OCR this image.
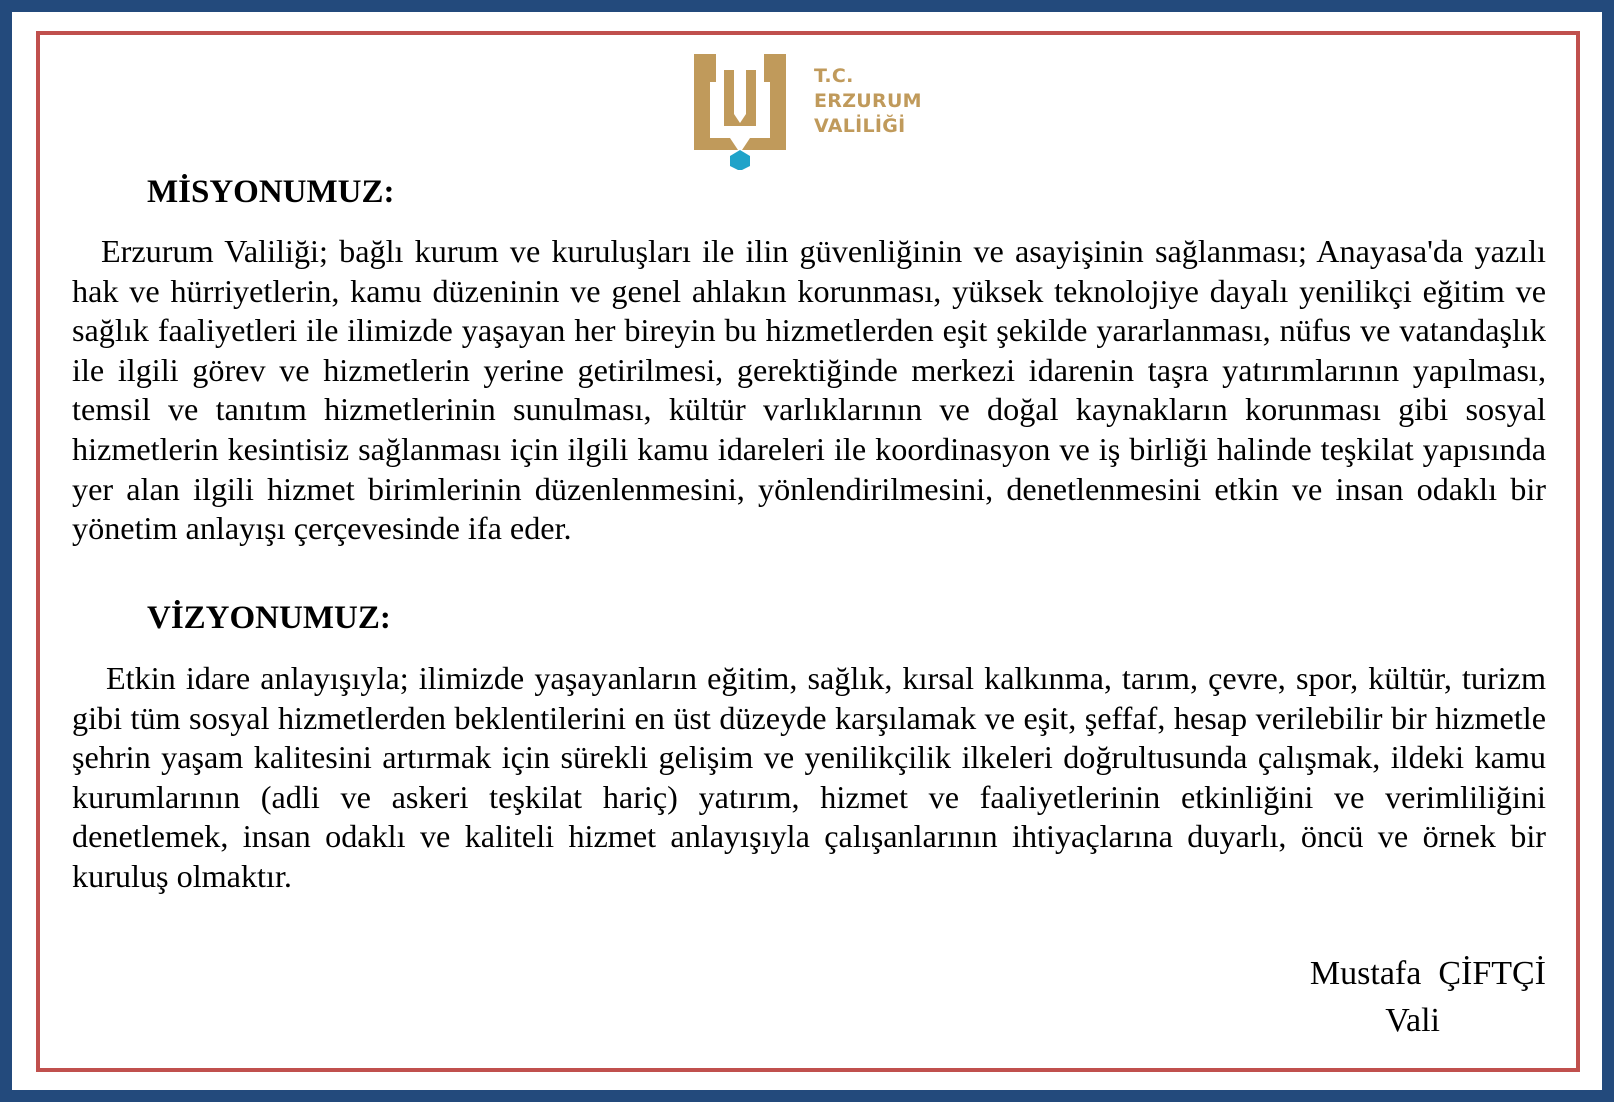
T.C.
ERZURUM
VALİLİĞİ
MİSYONUMUZ:
Erzurum Valiliği; bağlı kurum ve kuruluşları ile ilin güvenliğinin ve asayişinin sağlanması; Anayasa'da yazılı hak ve hürriyetlerin, kamu düzeninin ve genel ahlakın korunması, yüksek teknolojiye dayalı yenilikçi eğitim ve sağlık faaliyetleri ile ilimizde yaşayan her bireyin bu hizmetlerden eşit şekilde yararlanması, nüfus ve vatandaşlık ile ilgili görev ve hizmetlerin yerine getirilmesi, gerektiğinde merkezi idarenin taşra yatırımlarının yapılması, temsil ve tanıtım hizmetlerinin sunulması, kültür varlıklarının ve doğal kaynakların korunması gibi sosyal hizmetlerin kesintisiz sağlanması için ilgili kamu idareleri ile koordinasyon ve iş birliği halinde teşkilat yapısında yer alan ilgili hizmet birimlerinin düzenlenmesini, yönlendirilmesini, denetlenmesini etkin ve insan odaklı bir yönetim anlayışı çerçevesinde ifa eder.
VİZYONUMUZ:
Etkin idare anlayışıyla; ilimizde yaşayanların eğitim, sağlık, kırsal kalkınma, tarım, çevre, spor, kültür, turizm gibi tüm sosyal hizmetlerden beklentilerini en üst düzeyde karşılamak ve eşit, şeffaf, hesap verilebilir bir hizmetle şehrin yaşam kalitesini artırmak için sürekli gelişim ve yenilikçilik ilkeleri doğrultusunda çalışmak, ildeki kamu kurumlarının (adli ve askeri teşkilat hariç) yatırım, hizmet ve faaliyetlerinin etkinliğini ve verimliliğini denetlemek, insan odaklı ve kaliteli hizmet anlayışıyla çalışanlarının ihtiyaçlarına duyarlı, öncü ve örnek bir kuruluş olmaktır.
Mustafa  ÇİFTÇİ
Vali
